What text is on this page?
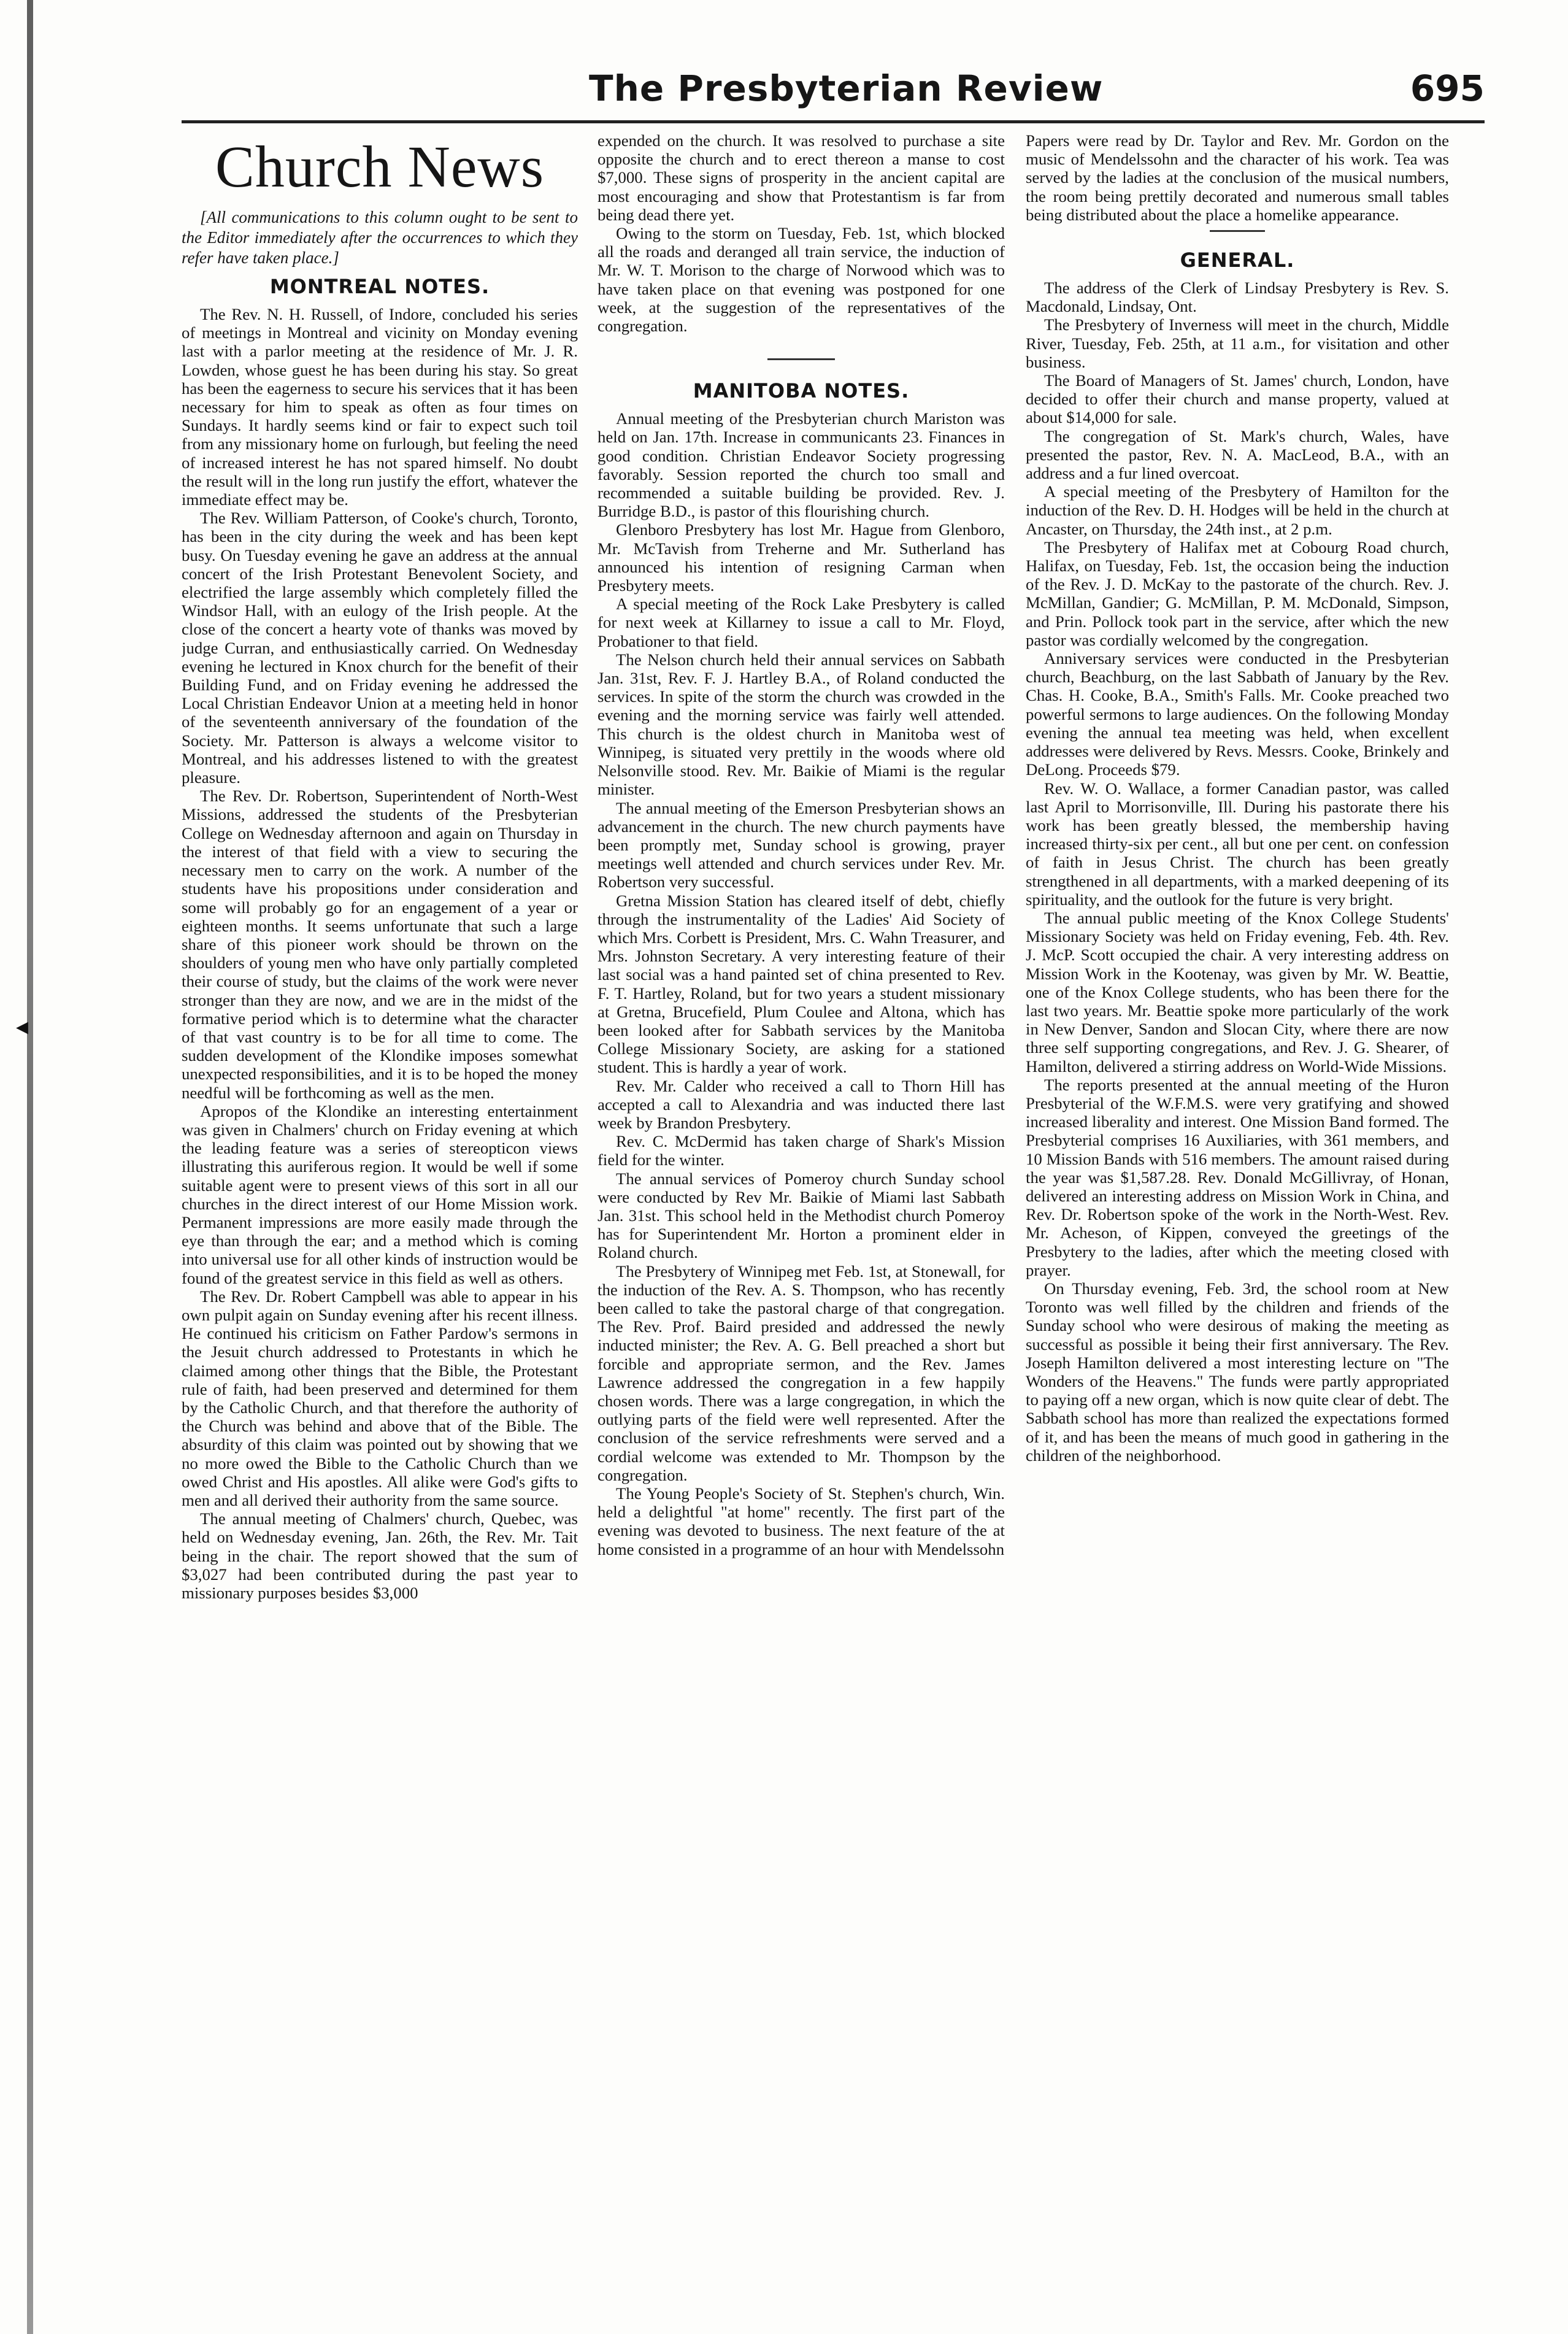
◂
The Presbyterian Review	695
Church News

[All communications to this column ought to be sent to the Editor immediately after the occurrences to which they refer have taken place.]

MONTREAL NOTES.

The Rev. N. H. Russell, of Indore, concluded his series of meetings in Montreal and vicinity on Monday evening last with a parlor meeting at the residence of Mr. J. R. Lowden, whose guest he has been during his stay. So great has been the eagerness to secure his services that it has been necessary for him to speak as often as four times on Sundays. It hardly seems kind or fair to expect such toil from any missionary home on furlough, but feeling the need of increased interest he has not spared himself. No doubt the result will in the long run justify the effort, whatever the immediate effect may be.

The Rev. William Patterson, of Cooke's church, Toronto, has been in the city during the week and has been kept busy. On Tuesday evening he gave an address at the annual concert of the Irish Protestant Benevolent Society, and electrified the large assembly which completely filled the Windsor Hall, with an eulogy of the Irish people. At the close of the concert a hearty vote of thanks was moved by judge Curran, and enthusiastically carried. On Wednesday evening he lectured in Knox church for the benefit of their Building Fund, and on Friday evening he addressed the Local Christian Endeavor Union at a meeting held in honor of the seventeenth anniversary of the foundation of the Society. Mr. Patterson is always a welcome visitor to Montreal, and his addresses listened to with the greatest pleasure.

The Rev. Dr. Robertson, Superintendent of North-West Missions, addressed the students of the Presbyterian College on Wednesday afternoon and again on Thursday in the interest of that field with a view to securing the necessary men to carry on the work. A number of the students have his propositions under consideration and some will probably go for an engagement of a year or eighteen months. It seems unfortunate that such a large share of this pioneer work should be thrown on the shoulders of young men who have only partially completed their course of study, but the claims of the work were never stronger than they are now, and we are in the midst of the formative period which is to determine what the character of that vast country is to be for all time to come. The sudden development of the Klondike imposes somewhat unexpected responsibilities, and it is to be hoped the money needful will be forthcoming as well as the men.

Apropos of the Klondike an interesting entertainment was given in Chalmers' church on Friday evening at which the leading feature was a series of stereopticon views illustrating this auriferous region. It would be well if some suitable agent were to present views of this sort in all our churches in the direct interest of our Home Mission work. Permanent impressions are more easily made through the eye than through the ear; and a method which is coming into universal use for all other kinds of instruction would be found of the greatest service in this field as well as others.

The Rev. Dr. Robert Campbell was able to appear in his own pulpit again on Sunday evening after his recent illness. He continued his criticism on Father Pardow's sermons in the Jesuit church addressed to Protestants in which he claimed among other things that the Bible, the Protestant rule of faith, had been preserved and determined for them by the Catholic Church, and that therefore the authority of the Church was behind and above that of the Bible. The absurdity of this claim was pointed out by showing that we no more owed the Bible to the Catholic Church than we owed Christ and His apostles. All alike were God's gifts to men and all derived their authority from the same source.

The annual meeting of Chalmers' church, Quebec, was held on Wednesday evening, Jan. 26th, the Rev. Mr. Tait being in the chair. The report showed that the sum of $3,027 had been contributed during the past year to missionary purposes besides $3,000

expended on the church. It was resolved to purchase a site opposite the church and to erect thereon a manse to cost $7,000. These signs of prosperity in the ancient capital are most encouraging and show that Protestantism is far from being dead there yet.

Owing to the storm on Tuesday, Feb. 1st, which blocked all the roads and deranged all train service, the induction of Mr. W. T. Morison to the charge of Norwood which was to have taken place on that evening was postponed for one week, at the suggestion of the representatives of the congregation.

MANITOBA NOTES.

Annual meeting of the Presbyterian church Mariston was held on Jan. 17th. Increase in communicants 23. Finances in good condition. Christian Endeavor Society progressing favorably. Session reported the church too small and recommended a suitable building be provided. Rev. J. Burridge B.D., is pastor of this flourishing church.

Glenboro Presbytery has lost Mr. Hague from Glenboro, Mr. McTavish from Treherne and Mr. Sutherland has announced his intention of resigning Carman when Presbytery meets.

A special meeting of the Rock Lake Presbytery is called for next week at Killarney to issue a call to Mr. Floyd, Probationer to that field.

The Nelson church held their annual services on Sabbath Jan. 31st, Rev. F. J. Hartley B.A., of Roland conducted the services. In spite of the storm the church was crowded in the evening and the morning service was fairly well attended. This church is the oldest church in Manitoba west of Winnipeg, is situated very prettily in the woods where old Nelsonville stood. Rev. Mr. Baikie of Miami is the regular minister.

The annual meeting of the Emerson Presbyterian shows an advancement in the church. The new church payments have been promptly met, Sunday school is growing, prayer meetings well attended and church services under Rev. Mr. Robertson very successful.

Gretna Mission Station has cleared itself of debt, chiefly through the instrumentality of the Ladies' Aid Society of which Mrs. Corbett is President, Mrs. C. Wahn Treasurer, and Mrs. Johnston Secretary. A very interesting feature of their last social was a hand painted set of china presented to Rev. F. T. Hartley, Roland, but for two years a student missionary at Gretna, Brucefield, Plum Coulee and Altona, which has been looked after for Sabbath services by the Manitoba College Missionary Society, are asking for a stationed student. This is hardly a year of work.

Rev. Mr. Calder who received a call to Thorn Hill has accepted a call to Alexandria and was inducted there last week by Brandon Presbytery.

Rev. C. McDermid has taken charge of Shark's Mission field for the winter.

The annual services of Pomeroy church Sunday school were conducted by Rev Mr. Baikie of Miami last Sabbath Jan. 31st. This school held in the Methodist church Pomeroy has for Superintendent Mr. Horton a prominent elder in Roland church.

The Presbytery of Winnipeg met Feb. 1st, at Stonewall, for the induction of the Rev. A. S. Thompson, who has recently been called to take the pastoral charge of that congregation. The Rev. Prof. Baird presided and addressed the newly inducted minister; the Rev. A. G. Bell preached a short but forcible and appropriate sermon, and the Rev. James Lawrence addressed the congregation in a few happily chosen words. There was a large congregation, in which the outlying parts of the field were well represented. After the conclusion of the service refreshments were served and a cordial welcome was extended to Mr. Thompson by the congregation.

The Young People's Society of St. Stephen's church, Win. held a delightful "at home" recently. The first part of the evening was devoted to business. The next feature of the at home consisted in a programme of an hour with Mendelssohn

Papers were read by Dr. Taylor and Rev. Mr. Gordon on the music of Mendelssohn and the character of his work. Tea was served by the ladies at the conclusion of the musical numbers, the room being prettily decorated and numerous small tables being distributed about the place a homelike appearance.

GENERAL.

The address of the Clerk of Lindsay Presbytery is Rev. S. Macdonald, Lindsay, Ont.

The Presbytery of Inverness will meet in the church, Middle River, Tuesday, Feb. 25th, at 11 a.m., for visitation and other business.

The Board of Managers of St. James' church, London, have decided to offer their church and manse property, valued at about $14,000 for sale.

The congregation of St. Mark's church, Wales, have presented the pastor, Rev. N. A. MacLeod, B.A., with an address and a fur lined overcoat.

A special meeting of the Presbytery of Hamilton for the induction of the Rev. D. H. Hodges will be held in the church at Ancaster, on Thursday, the 24th inst., at 2 p.m.

The Presbytery of Halifax met at Cobourg Road church, Halifax, on Tuesday, Feb. 1st, the occasion being the induction of the Rev. J. D. McKay to the pastorate of the church. Rev. J. McMillan, Gandier; G. McMillan, P. M. McDonald, Simpson, and Prin. Pollock took part in the service, after which the new pastor was cordially welcomed by the congregation.

Anniversary services were conducted in the Presbyterian church, Beachburg, on the last Sabbath of January by the Rev. Chas. H. Cooke, B.A., Smith's Falls. Mr. Cooke preached two powerful sermons to large audiences. On the following Monday evening the annual tea meeting was held, when excellent addresses were delivered by Revs. Messrs. Cooke, Brinkely and DeLong. Proceeds $79.

Rev. W. O. Wallace, a former Canadian pastor, was called last April to Morrisonville, Ill. During his pastorate there his work has been greatly blessed, the membership having increased thirty-six per cent., all but one per cent. on confession of faith in Jesus Christ. The church has been greatly strengthened in all departments, with a marked deepening of its spirituality, and the outlook for the future is very bright.

The annual public meeting of the Knox College Students' Missionary Society was held on Friday evening, Feb. 4th. Rev. J. McP. Scott occupied the chair. A very interesting address on Mission Work in the Kootenay, was given by Mr. W. Beattie, one of the Knox College students, who has been there for the last two years. Mr. Beattie spoke more particularly of the work in New Denver, Sandon and Slocan City, where there are now three self supporting congregations, and Rev. J. G. Shearer, of Hamilton, delivered a stirring address on World-Wide Missions.

The reports presented at the annual meeting of the Huron Presbyterial of the W.F.M.S. were very gratifying and showed increased liberality and interest. One Mission Band formed. The Presbyterial comprises 16 Auxiliaries, with 361 members, and 10 Mission Bands with 516 members. The amount raised during the year was $1,587.28. Rev. Donald McGillivray, of Honan, delivered an interesting address on Mission Work in China, and Rev. Dr. Robertson spoke of the work in the North-West. Rev. Mr. Acheson, of Kippen, conveyed the greetings of the Presbytery to the ladies, after which the meeting closed with prayer.

On Thursday evening, Feb. 3rd, the school room at New Toronto was well filled by the children and friends of the Sunday school who were desirous of making the meeting as successful as possible it being their first anniversary. The Rev. Joseph Hamilton delivered a most interesting lecture on "The Wonders of the Heavens." The funds were partly appropriated to paying off a new organ, which is now quite clear of debt. The Sabbath school has more than realized the expectations formed of it, and has been the means of much good in gathering in the children of the neighborhood.
